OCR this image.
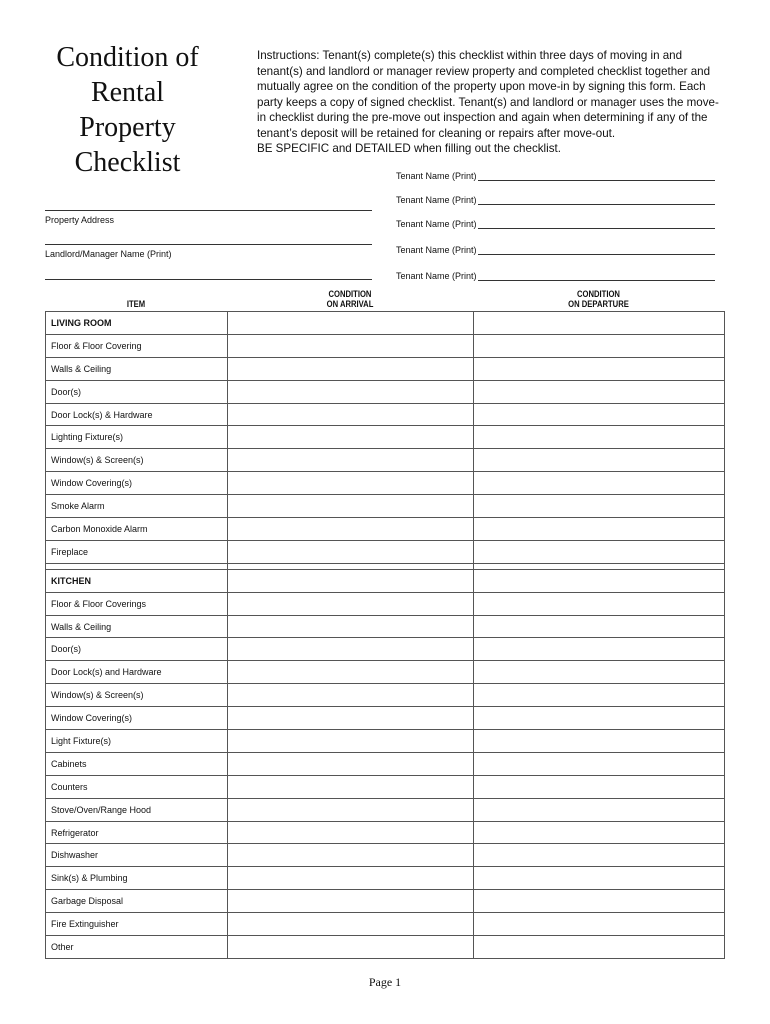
Condition of
Rental
Property
Checklist

Instructions: Tenant(s) complete(s) this checklist within three days of moving in and tenant(s) and landlord or manager review property and completed checklist together and mutually agree on the condition of the property upon move-in by signing this form. Each party keeps a copy of signed checklist. Tenant(s) and landlord or manager uses the move-in checklist during the pre-move out inspection and again when determining if any of the tenant’s deposit will be retained for cleaning or repairs after move-out.

BE SPECIFIC and DETAILED when filling out the checklist.

Property Address
Landlord/Manager Name (Print)
Tenant Name (Print)
Tenant Name (Print)
Tenant Name (Print)
Tenant Name (Print)
Tenant Name (Print)
ITEM
CONDITION
ON ARRIVAL
CONDITION
ON DEPARTURE
LIVING ROOM		
Floor & Floor Covering		
Walls & Ceiling		
Door(s)		
Door Lock(s) & Hardware		
Lighting Fixture(s)		
Window(s) & Screen(s)		
Window Covering(s)		
Smoke Alarm		
Carbon Monoxide Alarm		
Fireplace		

KITCHEN		
Floor & Floor Coverings		
Walls & Ceiling		
Door(s)		
Door Lock(s) and Hardware		
Window(s) & Screen(s)		
Window Covering(s)		
Light Fixture(s)		
Cabinets		
Counters		
Stove/Oven/Range Hood		
Refrigerator		
Dishwasher		
Sink(s) & Plumbing		
Garbage Disposal		
Fire Extinguisher		
Other		
Page 1
